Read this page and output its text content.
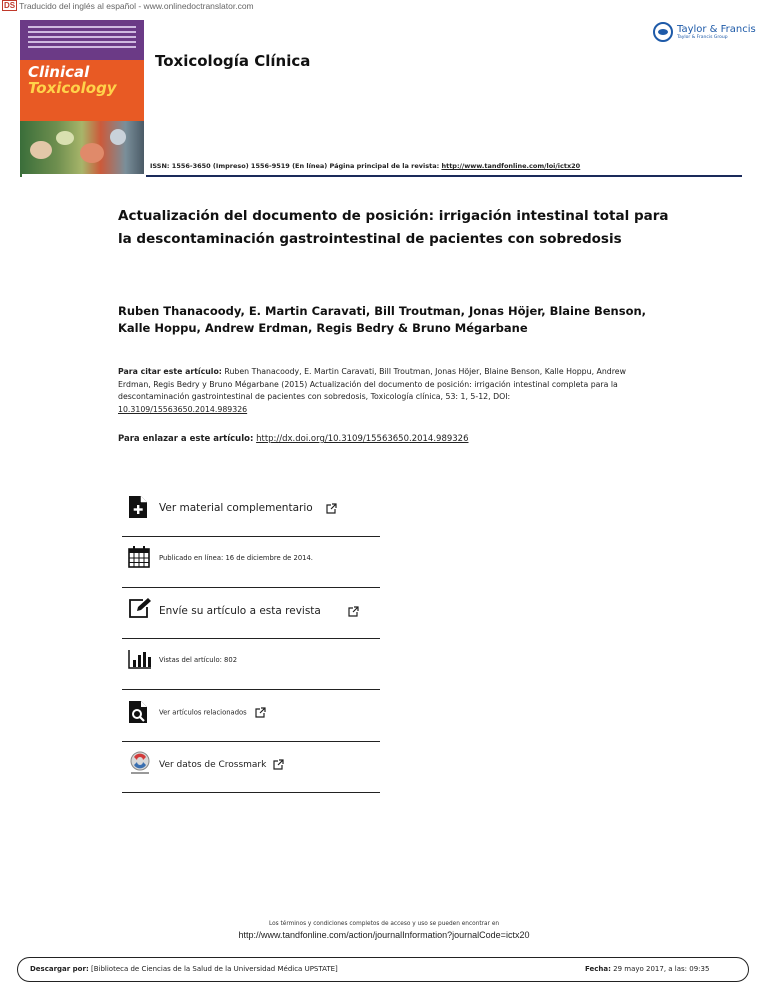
DS Traducido del inglés al español - www.onlinedoctranslator.com
Clinical
Toxicology
Taylor & Francis
Taylor & Francis Group
Toxicología Clínica
ISSN: 1556-3650 (Impreso) 1556-9519 (En línea) Página principal de la revista: http://www.tandfonline.com/loi/ictx20
Actualización del documento de posición: irrigación intestinal total para la descontaminación gastrointestinal de pacientes con sobredosis
Ruben Thanacoody, E. Martin Caravati, Bill Troutman, Jonas Höjer, Blaine Benson, Kalle Hoppu, Andrew Erdman, Regis Bedry & Bruno Mégarbane
Para citar este artículo: Ruben Thanacoody, E. Martin Caravati, Bill Troutman, Jonas Höjer, Blaine Benson, Kalle Hoppu, Andrew Erdman, Regis Bedry y Bruno Mégarbane (2015) Actualización del documento de posición: irrigación intestinal completa para la descontaminación gastrointestinal de pacientes con sobredosis, Toxicología clínica, 53: 1, 5-12, DOI: 10.3109/15563650.2014.989326
Para enlazar a este artículo: http://dx.doi.org/10.3109/15563650.2014.989326
Ver material complementario
Publicado en línea: 16 de diciembre de 2014.
Envíe su artículo a esta revista
Vistas del artículo: 802
Ver artículos relacionados
Ver datos de Crossmark
Los términos y condiciones completos de acceso y uso se pueden encontrar en
http://www.tandfonline.com/action/journalInformation?journalCode=ictx20
Descargar por: [Biblioteca de Ciencias de la Salud de la Universidad Médica UPSTATE]	Fecha: 29 mayo 2017, a las: 09:35
